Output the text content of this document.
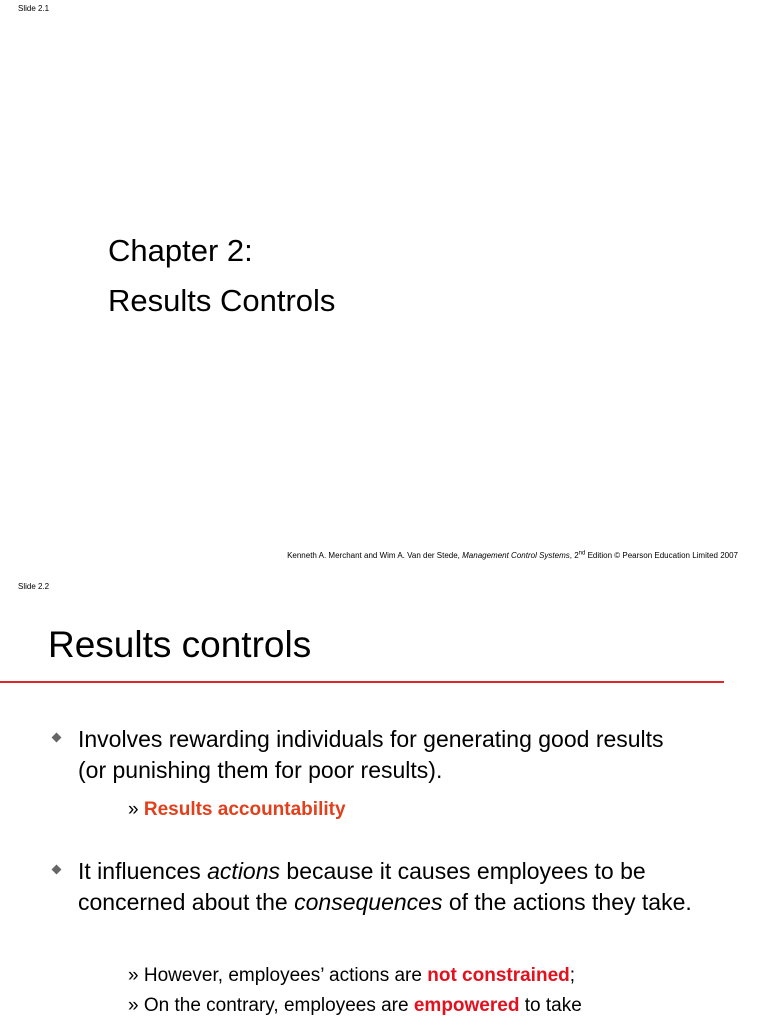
Slide 2.1
Chapter 2:
Results Controls
Kenneth A. Merchant and Wim A. Van der Stede, Management Control Systems, 2nd Edition © Pearson Education Limited 2007
Slide 2.2
Results controls
Involves rewarding individuals for generating good results (or punishing them for poor results).
» Results accountability
It influences actions because it causes employees to be concerned about the consequences of the actions they take.
» However, employees’ actions are not constrained;
» On the contrary, employees are empowered to take
